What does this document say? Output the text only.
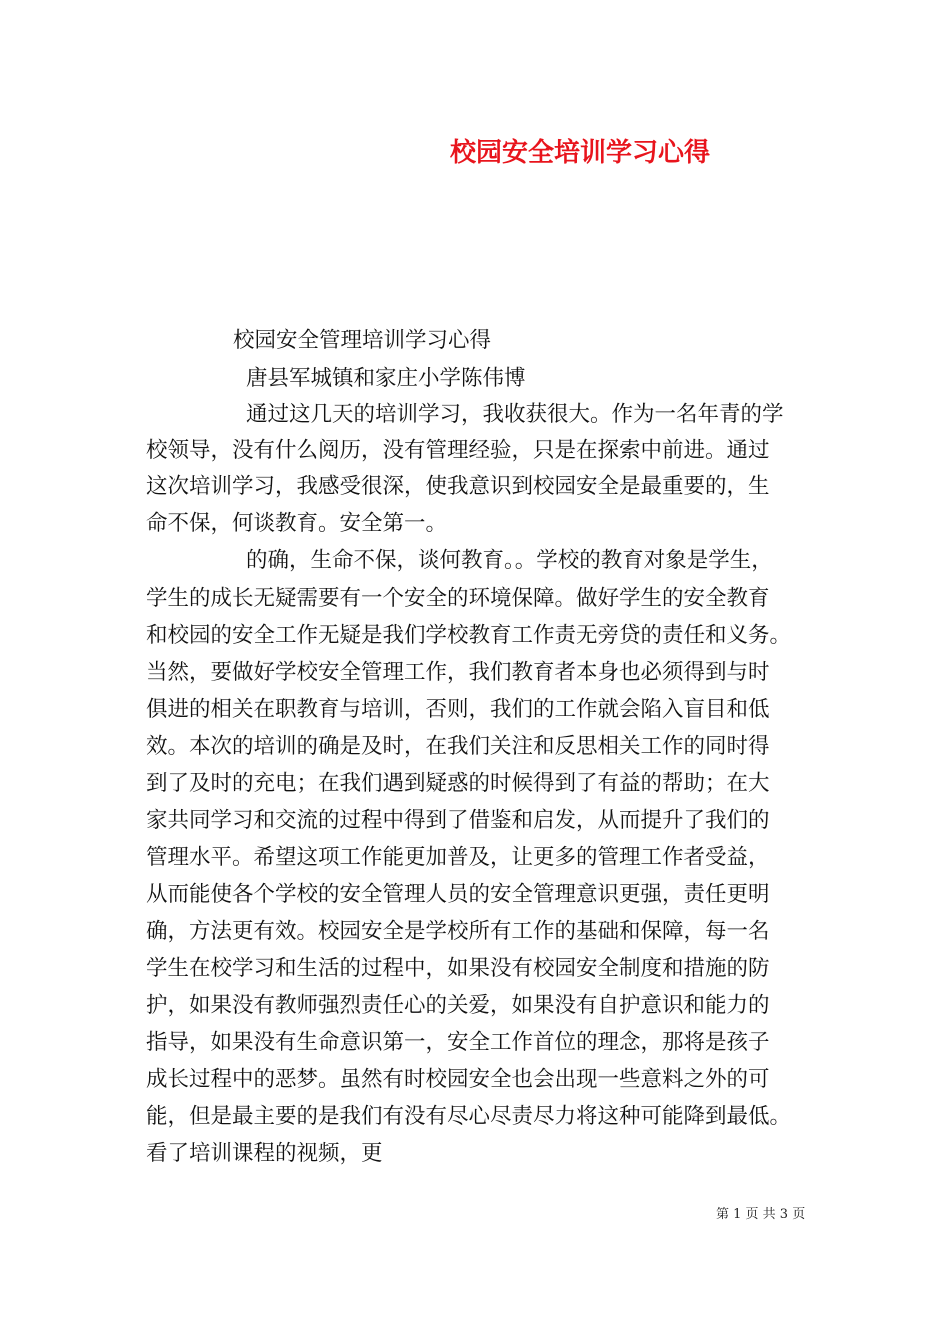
校园安全培训学习心得
校园安全管理培训学习心得
唐县军城镇和家庄小学陈伟博
通过这几天的培训学习，我收获很大。作为一名年青的学
校领导，没有什么阅历，没有管理经验，只是在探索中前进。通过
这次培训学习，我感受很深，使我意识到校园安全是最重要的，生
命不保，何谈教育。安全第一。
的确，生命不保，谈何教育。。学校的教育对象是学生，
学生的成长无疑需要有一个安全的环境保障。做好学生的安全教育
和校园的安全工作无疑是我们学校教育工作责无旁贷的责任和义务。
当然，要做好学校安全管理工作，我们教育者本身也必须得到与时
俱进的相关在职教育与培训，否则，我们的工作就会陷入盲目和低
效。本次的培训的确是及时，在我们关注和反思相关工作的同时得
到了及时的充电；在我们遇到疑惑的时候得到了有益的帮助；在大
家共同学习和交流的过程中得到了借鉴和启发，从而提升了我们的
管理水平。希望这项工作能更加普及，让更多的管理工作者受益，
从而能使各个学校的安全管理人员的安全管理意识更强，责任更明
确，方法更有效。校园安全是学校所有工作的基础和保障，每一名
学生在校学习和生活的过程中，如果没有校园安全制度和措施的防
护，如果没有教师强烈责任心的关爱，如果没有自护意识和能力的
指导，如果没有生命意识第一，安全工作首位的理念，那将是孩子
成长过程中的恶梦。虽然有时校园安全也会出现一些意料之外的可
能，但是最主要的是我们有没有尽心尽责尽力将这种可能降到最低。
看了培训课程的视频，更
第 1 页 共 3 页
